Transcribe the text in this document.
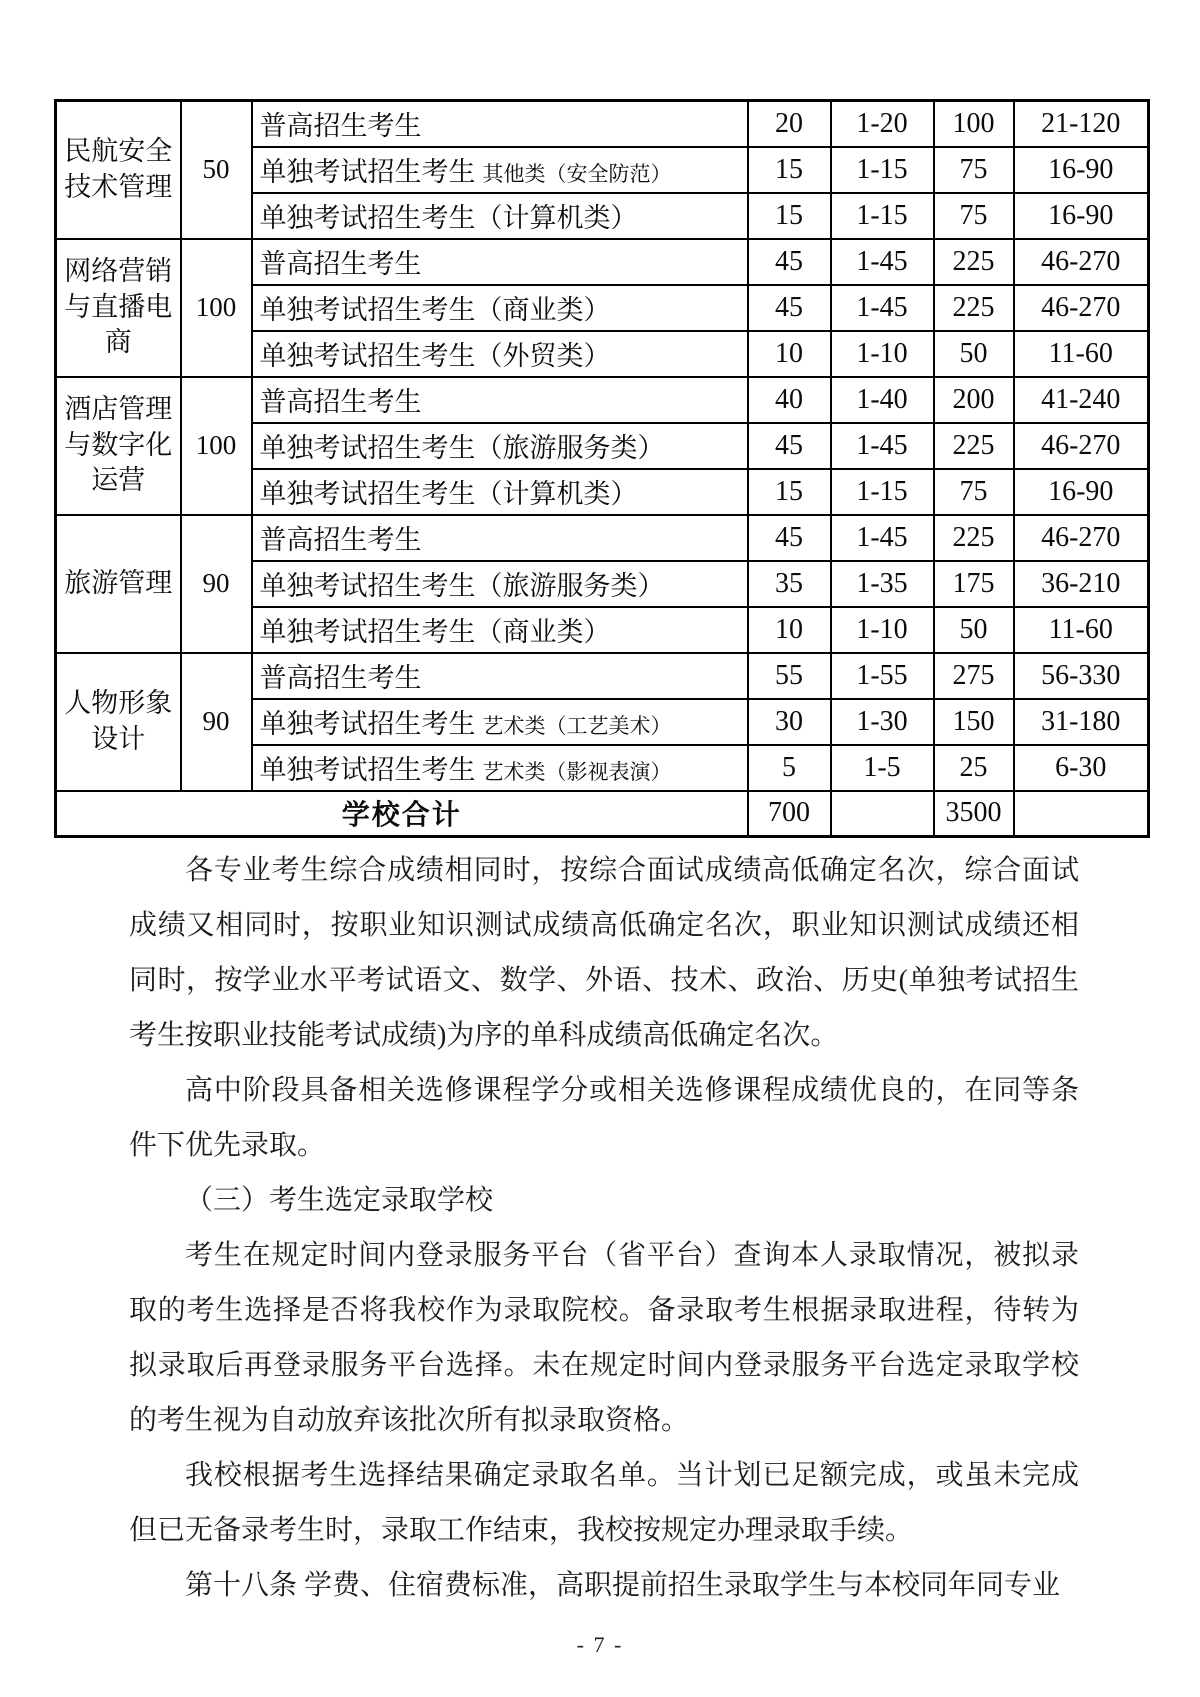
民航安全技术管理	50	普高招生考生	20	1-20	100	21-120
		单独考试招生考生 其他类（安全防范）	15	1-15	75	16-90
		单独考试招生考生（计算机类）	15	1-15	75	16-90
网络营销与直播电商	100	普高招生考生	45	1-45	225	46-270
		单独考试招生考生（商业类）	45	1-45	225	46-270
		单独考试招生考生（外贸类）	10	1-10	50	11-60
酒店管理与数字化运营	100	普高招生考生	40	1-40	200	41-240
		单独考试招生考生（旅游服务类）	45	1-45	225	46-270
		单独考试招生考生（计算机类）	15	1-15	75	16-90
旅游管理	90	普高招生考生	45	1-45	225	46-270
		单独考试招生考生（旅游服务类）	35	1-35	175	36-210
		单独考试招生考生（商业类）	10	1-10	50	11-60
人物形象设计	90	普高招生考生	55	1-55	275	56-330
		单独考试招生考生 艺术类（工艺美术）	30	1-30	150	31-180
		单独考试招生考生 艺术类（影视表演）	5	1-5	25	6-30
学校合计			700		3500	

各专业考生综合成绩相同时，按综合面试成绩高低确定名次，综合面试成绩又相同时，按职业知识测试成绩高低确定名次，职业知识测试成绩还相同时，按学业水平考试语文、数学、外语、技术、政治、历史(单独考试招生考生按职业技能考试成绩)为序的单科成绩高低确定名次。

高中阶段具备相关选修课程学分或相关选修课程成绩优良的，在同等条件下优先录取。

（三）考生选定录取学校

考生在规定时间内登录服务平台（省平台）查询本人录取情况，被拟录取的考生选择是否将我校作为录取院校。备录取考生根据录取进程，待转为拟录取后再登录服务平台选择。未在规定时间内登录服务平台选定录取学校的考生视为自动放弃该批次所有拟录取资格。

我校根据考生选择结果确定录取名单。当计划已足额完成，或虽未完成但已无备录考生时，录取工作结束，我校按规定办理录取手续。

第十八条 学费、住宿费标准，高职提前招生录取学生与本校同年同专业

- 7 -
